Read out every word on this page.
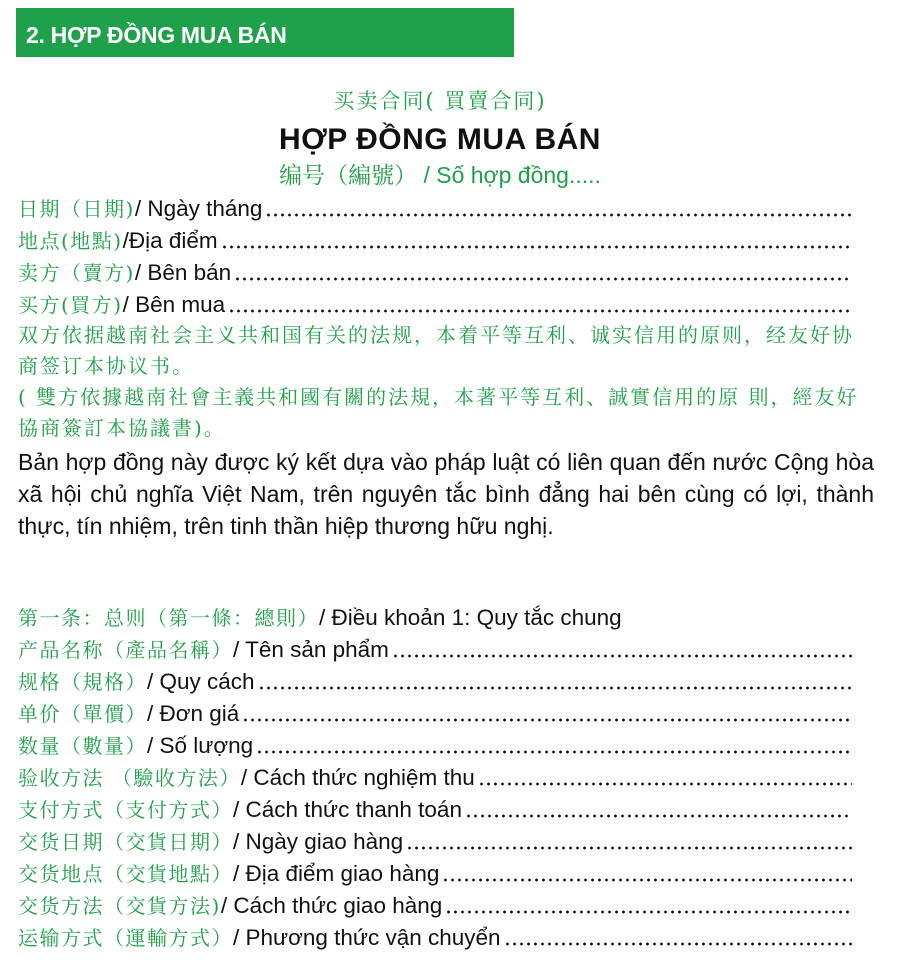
2. HỢP ĐỒNG MUA BÁN
买卖合同( 買賣合同)
HỢP ĐỒNG MUA BÁN
编号（編號） / Số hợp đồng.....
日期（日期) / Ngày tháng
地点(地點) /Địa điểm
卖方（賣方) / Bên bán
买方(買方) / Bên mua
双方依据越南社会主义共和国有关的法规，本着平等互利、诚实信用的原则，经友好协商签订本协议书。
( 雙方依據越南社會主義共和國有關的法規，本著平等互利、誠實信用的原 則，經友好協商簽訂本協議書)。
Bản hợp đồng này được ký kết dựa vào pháp luật có liên quan đến nước Cộng hòa xã hội chủ nghĩa Việt Nam, trên nguyên tắc bình đẳng hai bên cùng có lợi, thành thực, tín nhiệm, trên tinh thần hiệp thương hữu nghị.
第一条：总则（第一條：總則） / Điều khoản 1: Quy tắc chung
产品名称（產品名稱） / Tên sản phẩm
规格（規格） / Quy cách
单价（單價） / Đơn giá
数量（數量） / Số lượng
验收方法 （驗收方法） / Cách thức nghiệm thu
支付方式（支付方式） / Cách thức thanh toán
交货日期（交貨日期） / Ngày giao hàng
交货地点（交貨地點） / Địa điểm giao hàng
交货方法（交貨方法) / Cách thức giao hàng
运输方式（運輸方式） / Phương thức vận chuyển
